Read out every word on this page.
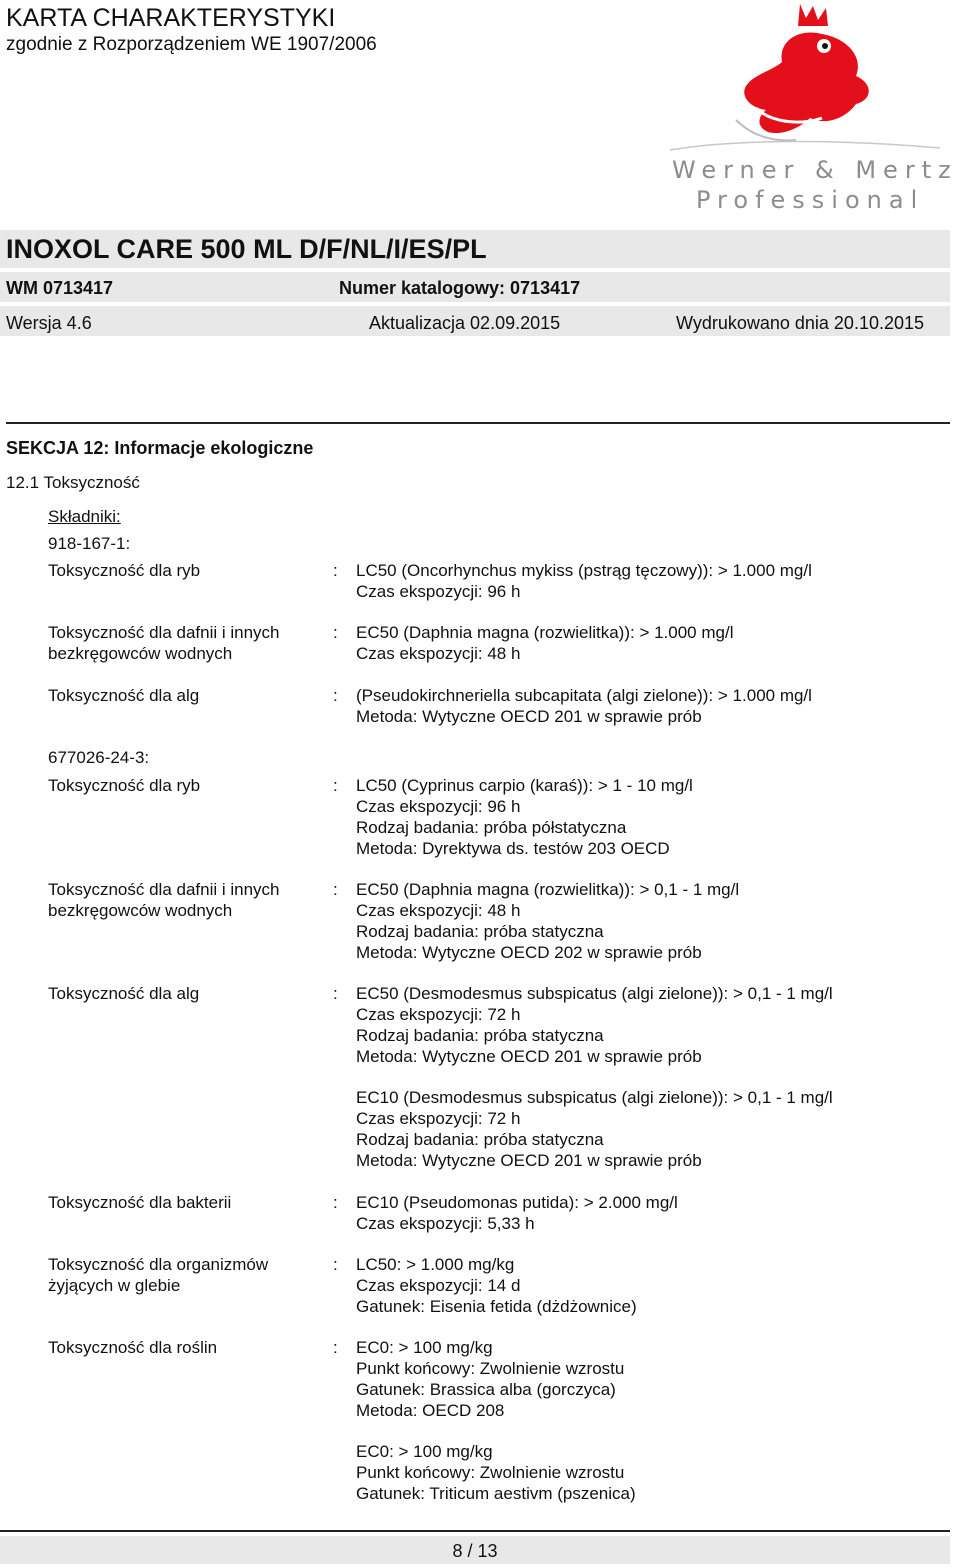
KARTA CHARAKTERYSTYKI
zgodnie z Rozporządzeniem WE 1907/2006
Werner & Mertz
Professional
INOXOL CARE 500 ML D/F/NL/I/ES/PL
WM 0713417	Numer katalogowy: 0713417
Wersja 4.6	Aktualizacja 02.09.2015	Wydrukowano dnia 20.10.2015
SEKCJA 12: Informacje ekologiczne
12.1 Toksyczność
Składniki:
918-167-1:
Toksyczność dla ryb	: LC50 (Oncorhynchus mykiss (pstrąg tęczowy)): > 1.000 mg/l
Czas ekspozycji: 96 h
Toksyczność dla dafnii i innych
bezkręgowców wodnych
: EC50 (Daphnia magna (rozwielitka)): > 1.000 mg/l
Czas ekspozycji: 48 h
Toksyczność dla alg	: (Pseudokirchneriella subcapitata (algi zielone)): > 1.000 mg/l
Metoda: Wytyczne OECD 201 w sprawie prób
677026-24-3:
Toksyczność dla ryb	: LC50 (Cyprinus carpio (karaś)): > 1 - 10 mg/l
Czas ekspozycji: 96 h
Rodzaj badania: próba półstatyczna
Metoda: Dyrektywa ds. testów 203 OECD
Toksyczność dla dafnii i innych
bezkręgowców wodnych
: EC50 (Daphnia magna (rozwielitka)): > 0,1 - 1 mg/l
Czas ekspozycji: 48 h
Rodzaj badania: próba statyczna
Metoda: Wytyczne OECD 202 w sprawie prób
Toksyczność dla alg	: EC50 (Desmodesmus subspicatus (algi zielone)): > 0,1 - 1 mg/l
Czas ekspozycji: 72 h
Rodzaj badania: próba statyczna
Metoda: Wytyczne OECD 201 w sprawie prób
EC10 (Desmodesmus subspicatus (algi zielone)): > 0,1 - 1 mg/l
Czas ekspozycji: 72 h
Rodzaj badania: próba statyczna
Metoda: Wytyczne OECD 201 w sprawie prób
Toksyczność dla bakterii	: EC10 (Pseudomonas putida): > 2.000 mg/l
Czas ekspozycji: 5,33 h
Toksyczność dla organizmów
żyjących w glebie
: LC50: > 1.000 mg/kg
Czas ekspozycji: 14 d
Gatunek: Eisenia fetida (dżdżownice)
Toksyczność dla roślin	: EC0: > 100 mg/kg
Punkt końcowy: Zwolnienie wzrostu
Gatunek: Brassica alba (gorczyca)
Metoda: OECD 208
EC0: > 100 mg/kg
Punkt końcowy: Zwolnienie wzrostu
Gatunek: Triticum aestivm (pszenica)
8 / 13
